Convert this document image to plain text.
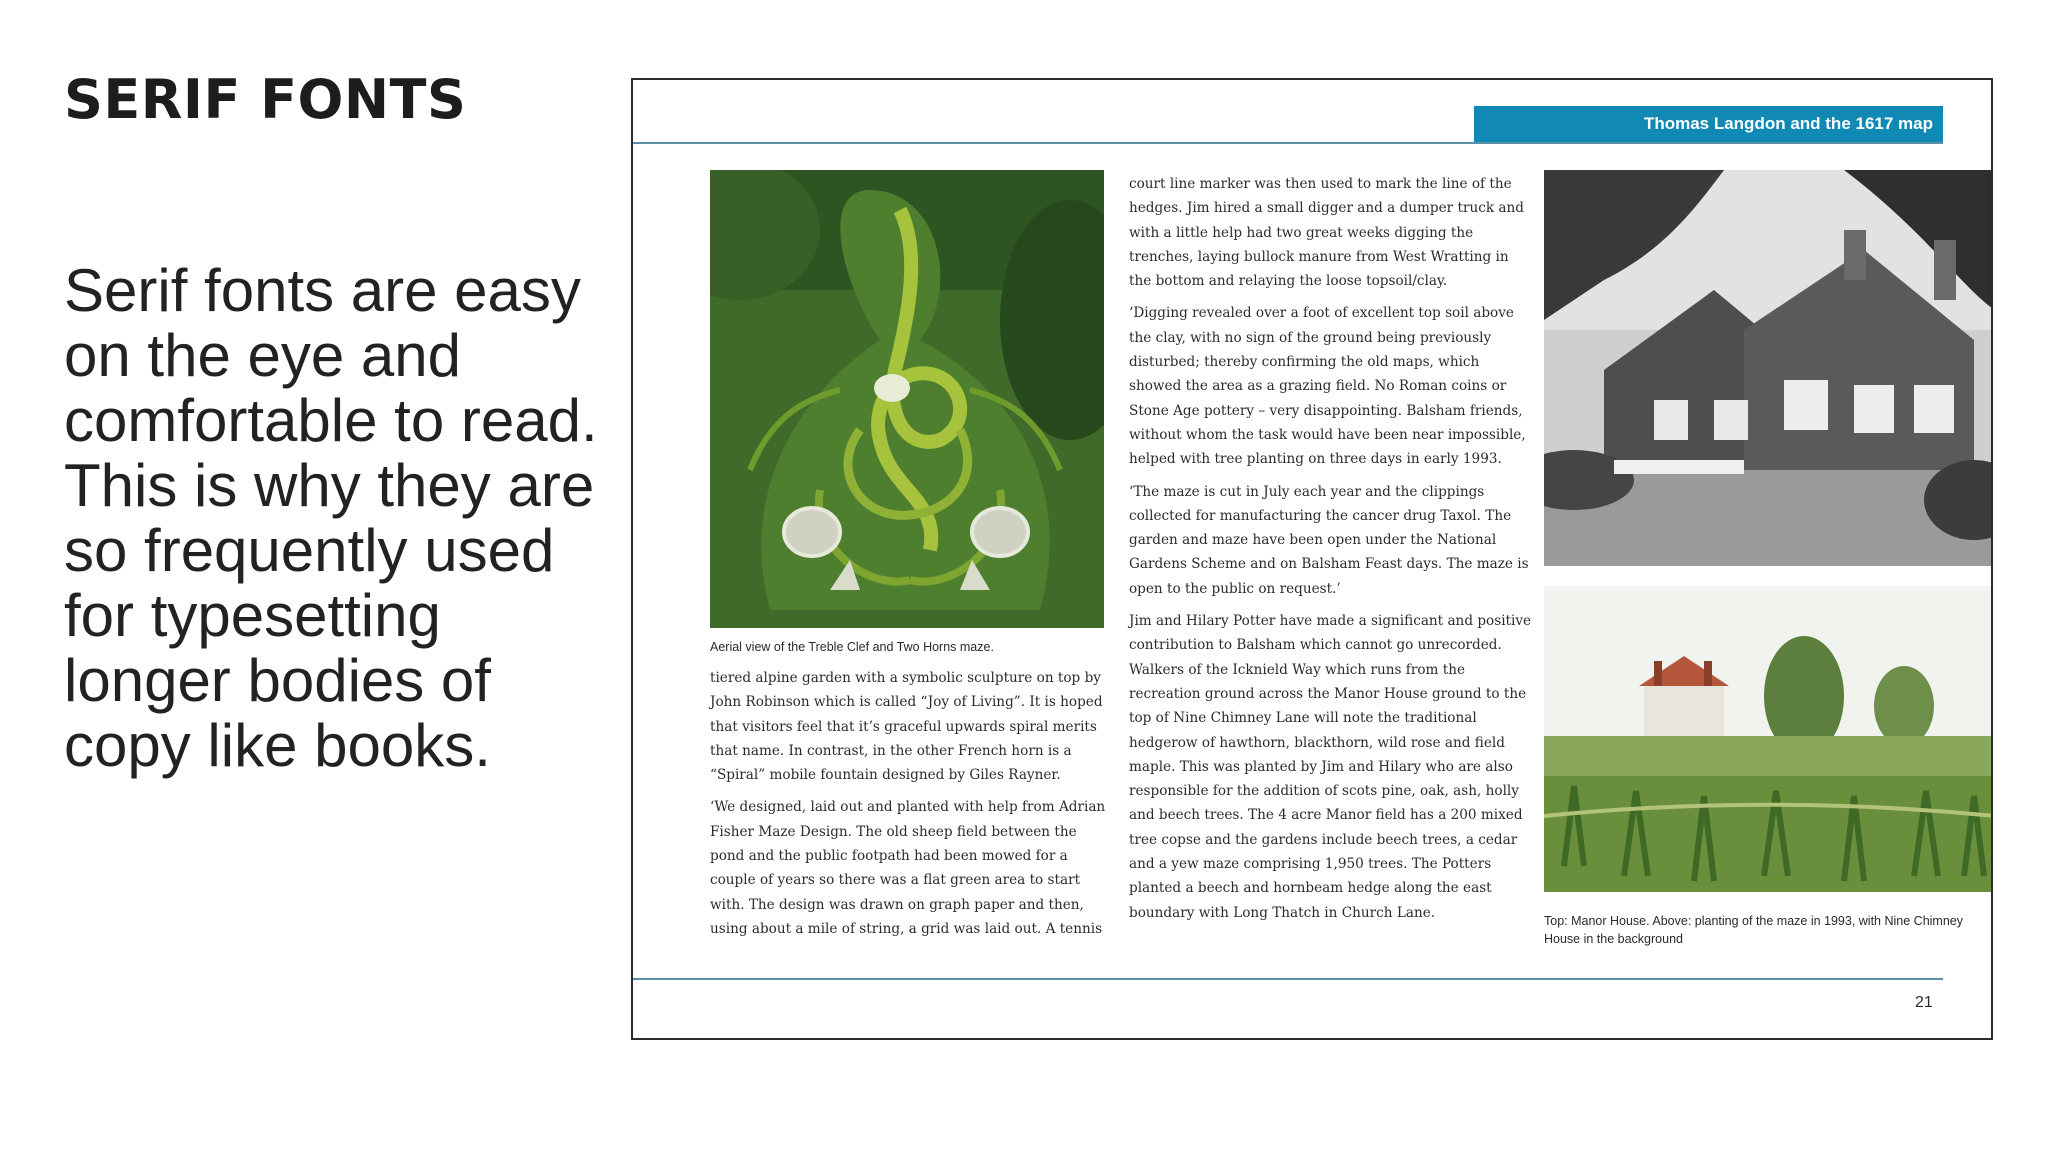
SERIF FONTS

Serif fonts are easy on the eye and comfortable to read. This is why they are so frequently used for typesetting longer bodies of copy like books.

Thomas Langdon and the 1617 map
Aerial view of the Treble Clef and Two Horns maze.

tiered alpine garden with a symbolic sculpture on top by John Robinson which is called “Joy of Living”. It is hoped that visitors feel that it’s graceful upwards spiral merits that name. In contrast, in the other French horn is a “Spiral” mobile fountain designed by Giles Rayner.

‘We designed, laid out and planted with help from Adrian Fisher Maze Design. The old sheep field between the pond and the public footpath had been mowed for a couple of years so there was a flat green area to start with. The design was drawn on graph paper and then, using about a mile of string, a grid was laid out. A tennis

court line marker was then used to mark the line of the hedges. Jim hired a small digger and a dumper truck and with a little help had two great weeks digging the trenches, laying bullock manure from West Wratting in the bottom and relaying the loose topsoil/clay.

‘Digging revealed over a foot of excellent top soil above the clay, with no sign of the ground being previously disturbed; thereby confirming the old maps, which showed the area as a grazing field. No Roman coins or Stone Age pottery – very disappointing. Balsham friends, without whom the task would have been near impossible, helped with tree planting on three days in early 1993.

‘The maze is cut in July each year and the clippings collected for manufacturing the cancer drug Taxol. The garden and maze have been open under the National Gardens Scheme and on Balsham Feast days. The maze is open to the public on request.’

Jim and Hilary Potter have made a significant and positive contribution to Balsham which cannot go unrecorded. Walkers of the Icknield Way which runs from the recreation ground across the Manor House ground to the top of Nine Chimney Lane will note the traditional hedgerow of hawthorn, blackthorn, wild rose and field maple. This was planted by Jim and Hilary who are also responsible for the addition of scots pine, oak, ash, holly and beech trees. The 4 acre Manor field has a 200 mixed tree copse and the gardens include beech trees, a cedar and a yew maze comprising 1,950 trees. The Potters planted a beech and hornbeam hedge along the east boundary with Long Thatch in Church Lane.

Top: Manor House. Above: planting of the maze in 1993, with Nine Chimney House in the background
21
